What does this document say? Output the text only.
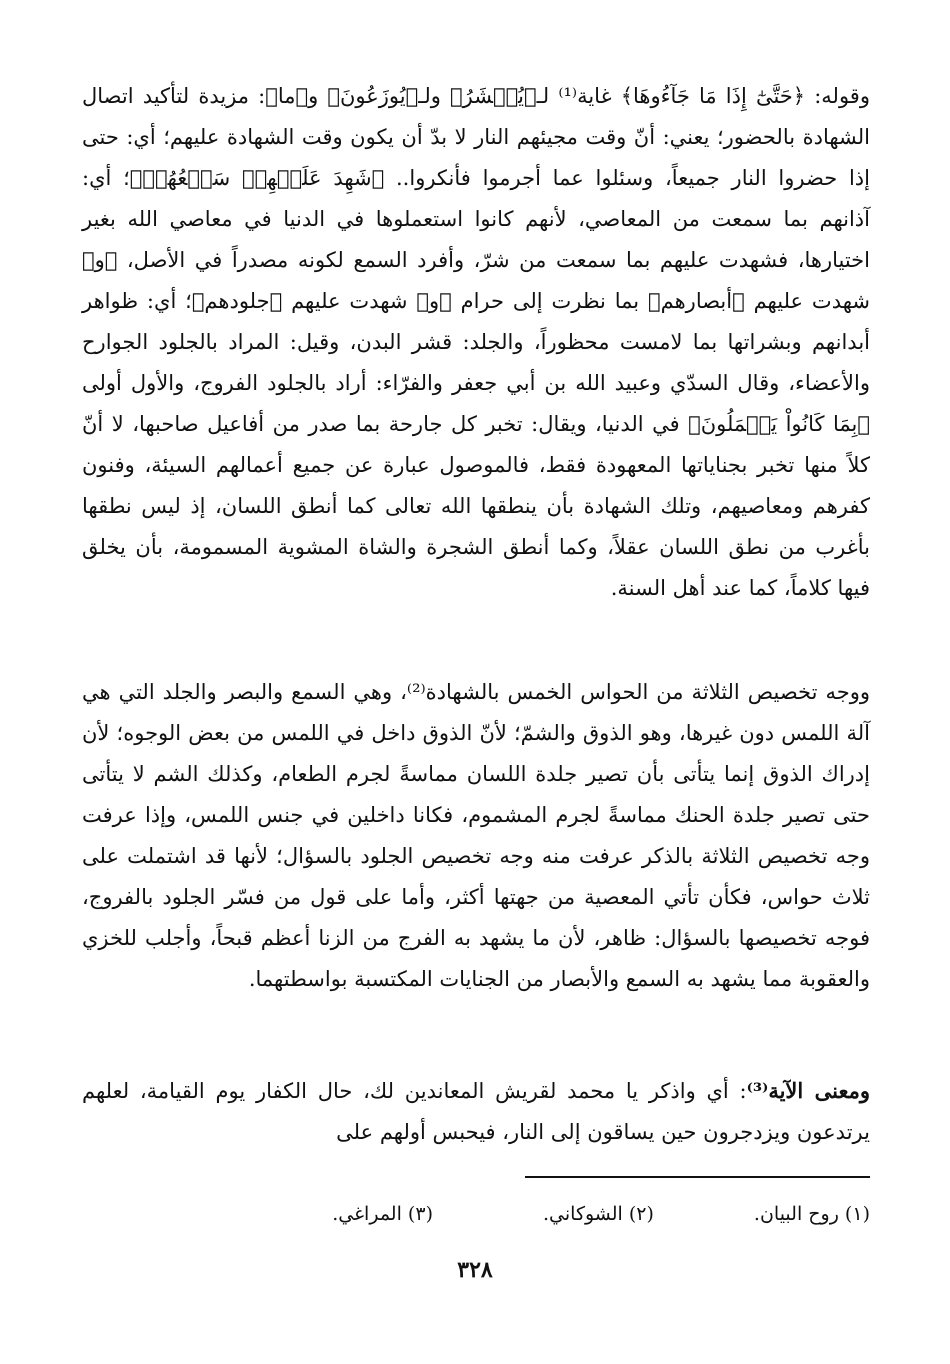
وقوله: ﴿حَتَّىٰٓ إِذَا مَا جَآءُوهَا﴾ غاية⁽¹⁾ لـ﴿يُحۡشَرُ﴾ ولـ﴿يُوزَعُونَ﴾ و﴿ما﴾: مزيدة لتأكيد اتصال الشهادة بالحضور؛ يعني: أنّ وقت مجيئهم النار لا بدّ أن يكون وقت الشهادة عليهم؛ أي: حتى إذا حضروا النار جميعاً، وسئلوا عما أجرموا فأنكروا.. ﴿شَهِدَ عَلَيۡهِمۡ سَمۡعُهُمۡ﴾؛ أي: آذانهم بما سمعت من المعاصي، لأنهم كانوا استعملوها في الدنيا في معاصي الله بغير اختيارها، فشهدت عليهم بما سمعت من شرّ، وأفرد السمع لكونه مصدراً في الأصل، ﴿و﴾ شهدت عليهم ﴿أبصارهم﴾ بما نظرت إلى حرام ﴿و﴾ شهدت عليهم ﴿جلودهم﴾؛ أي: ظواهر أبدانهم وبشراتها بما لامست محظوراً، والجلد: قشر البدن، وقيل: المراد بالجلود الجوارح والأعضاء، وقال السدّي وعبيد الله بن أبي جعفر والفرّاء: أراد بالجلود الفروج، والأول أولى ﴿بِمَا كَانُواْ يَعۡمَلُونَ﴾ في الدنيا، ويقال: تخبر كل جارحة بما صدر من أفاعيل صاحبها، لا أنّ كلاً منها تخبر بجناياتها المعهودة فقط، فالموصول عبارة عن جميع أعمالهم السيئة، وفنون كفرهم ومعاصيهم، وتلك الشهادة بأن ينطقها الله تعالى كما أنطق اللسان، إذ ليس نطقها بأغرب من نطق اللسان عقلاً، وكما أنطق الشجرة والشاة المشوية المسمومة، بأن يخلق فيها كلاماً، كما عند أهل السنة.

ووجه تخصيص الثلاثة من الحواس الخمس بالشهادة⁽²⁾، وهي السمع والبصر والجلد التي هي آلة اللمس دون غيرها، وهو الذوق والشمّ؛ لأنّ الذوق داخل في اللمس من بعض الوجوه؛ لأن إدراك الذوق إنما يتأتى بأن تصير جلدة اللسان مماسةً لجرم الطعام، وكذلك الشم لا يتأتى حتى تصير جلدة الحنك مماسةً لجرم المشموم، فكانا داخلين في جنس اللمس، وإذا عرفت وجه تخصيص الثلاثة بالذكر عرفت منه وجه تخصيص الجلود بالسؤال؛ لأنها قد اشتملت على ثلاث حواس، فكأن تأتي المعصية من جهتها أكثر، وأما على قول من فسّر الجلود بالفروج، فوجه تخصيصها بالسؤال: ظاهر، لأن ما يشهد به الفرج من الزنا أعظم قبحاً، وأجلب للخزي والعقوبة مما يشهد به السمع والأبصار من الجنايات المكتسبة بواسطتهما.

ومعنى الآية⁽³⁾: أي واذكر يا محمد لقريش المعاندين لك، حال الكفار يوم القيامة، لعلهم يرتدعون ويزدجرون حين يساقون إلى النار، فيحبس أولهم على

(١) روح البيان.
(٢) الشوكاني.
(٣) المراغي.
٣٢٨
